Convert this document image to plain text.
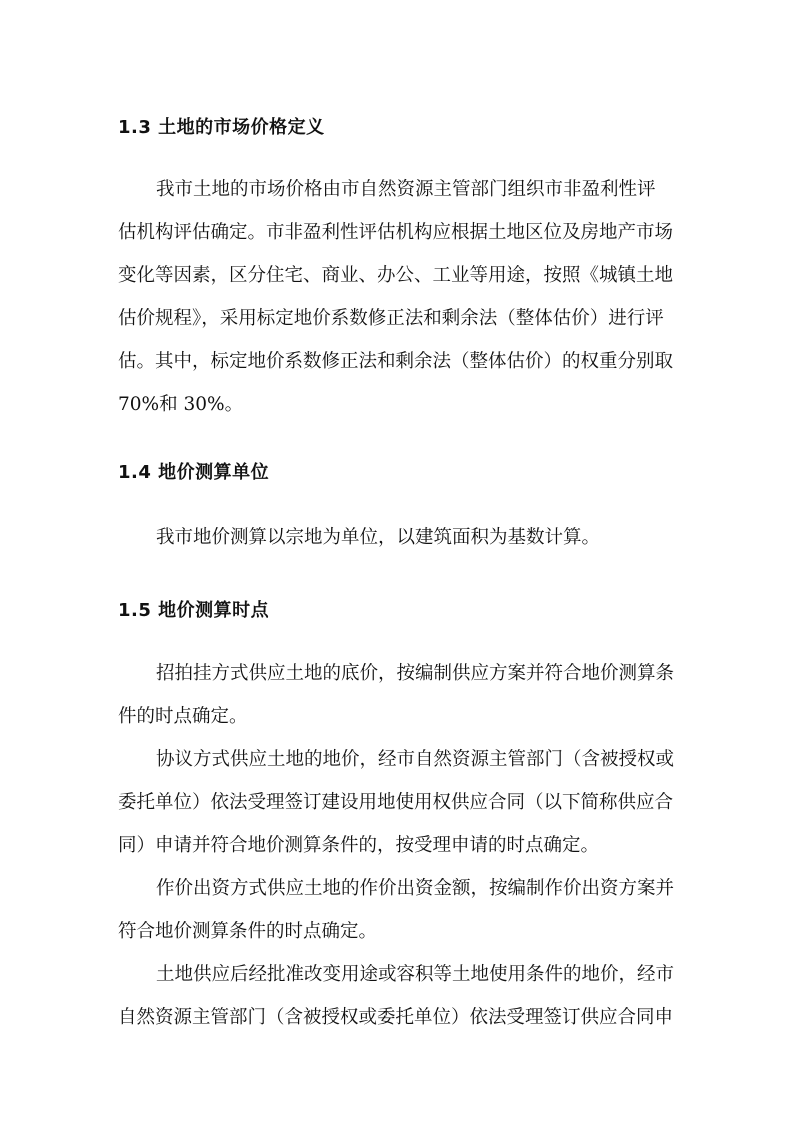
1.3 土地的市场价格定义
我市土地的市场价格由市自然资源主管部门组织市非盈利性评
估机构评估确定。市非盈利性评估机构应根据土地区位及房地产市场
变化等因素，区分住宅、商业、办公、工业等用途，按照《城镇土地
估价规程》，采用标定地价系数修正法和剩余法（整体估价）进行评
估。其中，标定地价系数修正法和剩余法（整体估价）的权重分别取
70%和 30%。
1.4 地价测算单位
我市地价测算以宗地为单位，以建筑面积为基数计算。
1.5 地价测算时点
招拍挂方式供应土地的底价，按编制供应方案并符合地价测算条
件的时点确定。
协议方式供应土地的地价，经市自然资源主管部门（含被授权或
委托单位）依法受理签订建设用地使用权供应合同（以下简称供应合
同）申请并符合地价测算条件的，按受理申请的时点确定。
作价出资方式供应土地的作价出资金额，按编制作价出资方案并
符合地价测算条件的时点确定。
土地供应后经批准改变用途或容积等土地使用条件的地价，经市
自然资源主管部门（含被授权或委托单位）依法受理签订供应合同申
